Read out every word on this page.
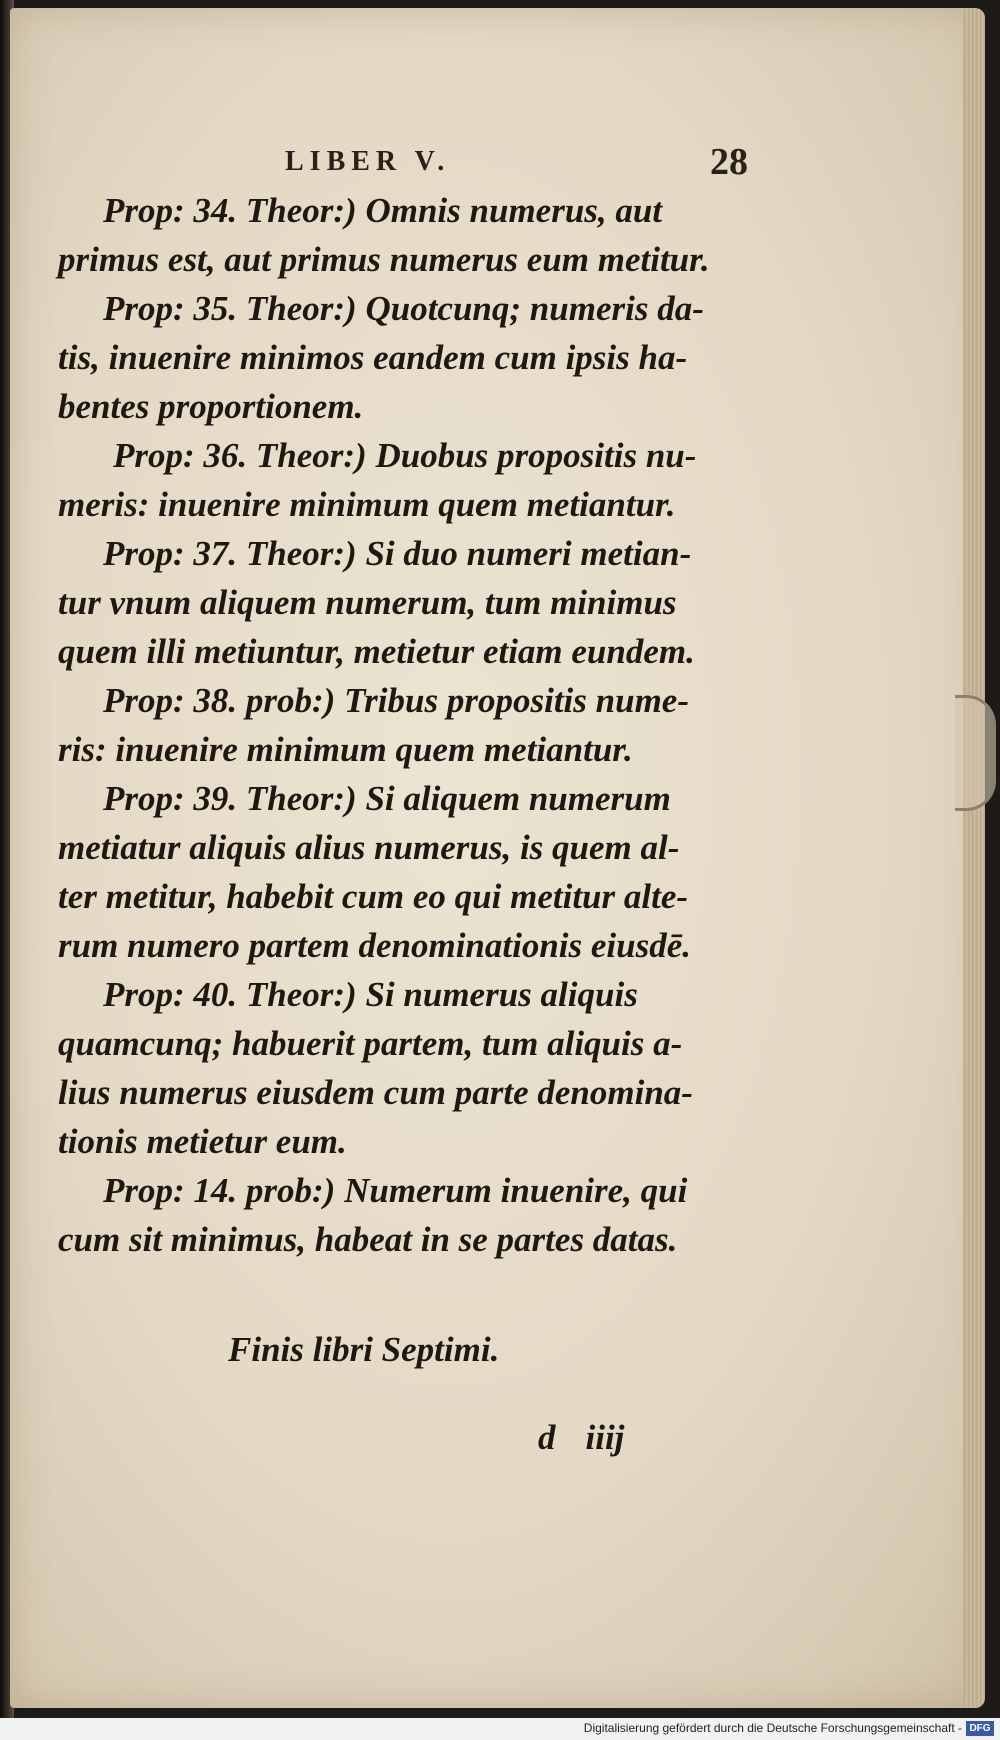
LIBER V.	28
Prop: 34. Theor:) Omnis numerus, aut
primus est, aut primus numerus eum metitur.
Prop: 35. Theor:) Quotcunq; numeris da-
tis, inuenire minimos eandem cum ipsis ha-
bentes proportionem.
Prop: 36. Theor:) Duobus propositis nu-
meris: inuenire minimum quem metiantur.
Prop: 37. Theor:) Si duo numeri metian-
tur vnum aliquem numerum, tum minimus
quem illi metiuntur, metietur etiam eundem.
Prop: 38. prob:) Tribus propositis nume-
ris: inuenire minimum quem metiantur.
Prop: 39. Theor:) Si aliquem numerum
metiatur aliquis alius numerus, is quem al-
ter metitur, habebit cum eo qui metitur alte-
rum numero partem denominationis eiusdē.
Prop: 40. Theor:) Si numerus aliquis
quamcunq; habuerit partem, tum aliquis a-
lius numerus eiusdem cum parte denomina-
tionis metietur eum.
Prop: 14. prob:) Numerum inuenire, qui
cum sit minimus, habeat in se partes datas.
Finis libri Septimi.
d iiij
Digitalisierung gefördert durch die Deutsche Forschungsgemeinschaft - DFG
